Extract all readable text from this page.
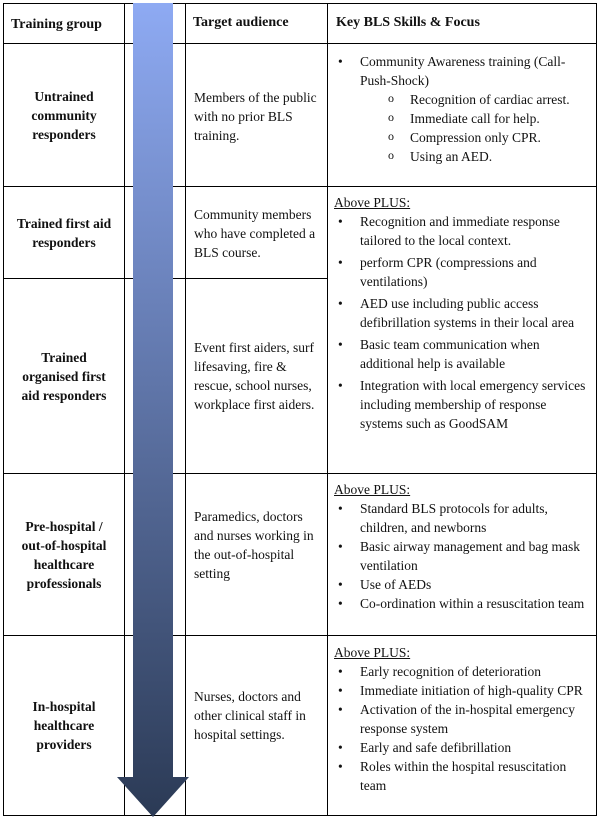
Training group	Target audience	Key BLS Skills & Focus
Untrained community responders
Trained first aid responders
Trained organised first aid responders
Pre-hospital / out-of-hospital healthcare professionals
In-hospital healthcare providers
Members of the public with no prior BLS training.
Community members who have completed a BLS course.
Event first aiders, surf lifesaving, fire & rescue, school nurses, workplace first aiders.
Paramedics, doctors and nurses working in the out-of-hospital setting
Nurses, doctors and other clinical staff in hospital settings.
• Community Awareness training (Call-Push-Shock)
o Recognition of cardiac arrest.
o Immediate call for help.
o Compression only CPR.
o Using an AED.
Above PLUS:
• Recognition and immediate response tailored to the local context.
• perform CPR (compressions and ventilations)
• AED use including public access defibrillation systems in their local area
• Basic team communication when additional help is available
• Integration with local emergency services including membership of response systems such as GoodSAM
Above PLUS:
• Standard BLS protocols for adults, children, and newborns
• Basic airway management and bag mask ventilation
• Use of AEDs
• Co-ordination within a resuscitation team
Above PLUS:
• Early recognition of deterioration
• Immediate initiation of high-quality CPR
• Activation of the in-hospital emergency response system
• Early and safe defibrillation
• Roles within the hospital resuscitation team
